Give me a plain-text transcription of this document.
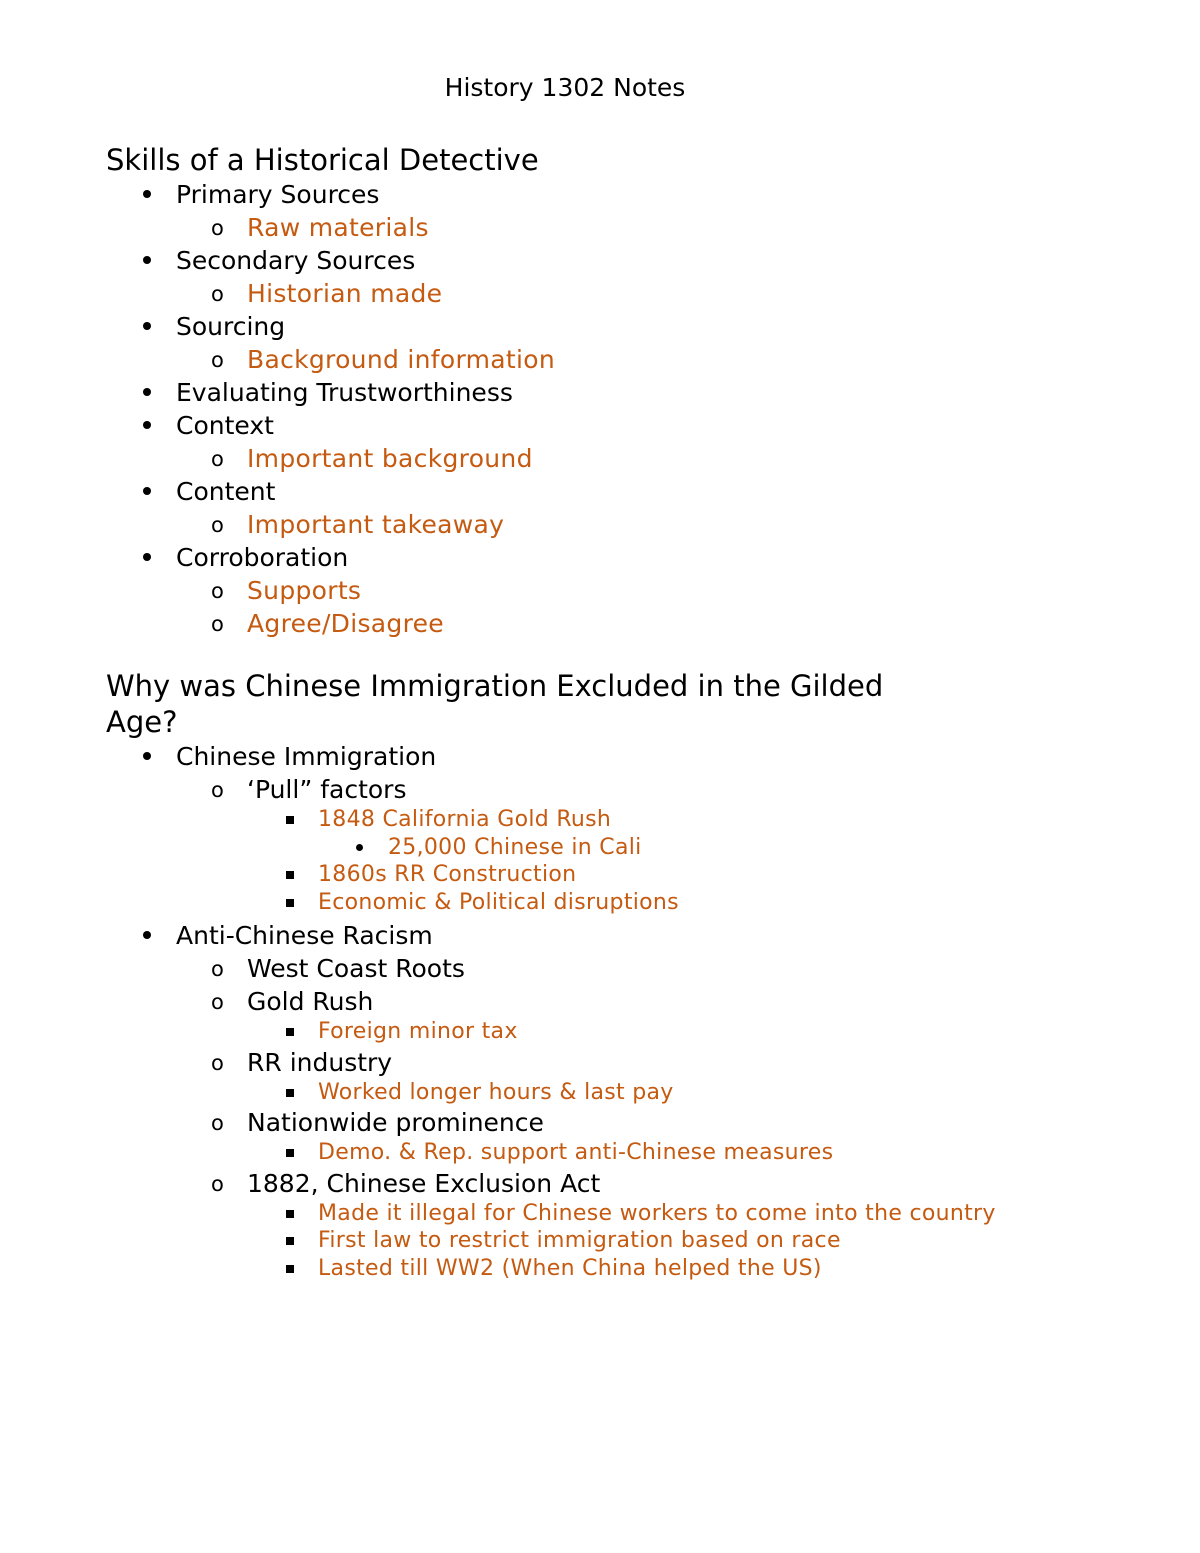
History 1302 Notes
Skills of a Historical Detective
Primary Sources
o Raw materials
Secondary Sources
o Historian made
Sourcing
o Background information
Evaluating Trustworthiness
Context
o Important background
Content
o Important takeaway
Corroboration
o Supports
o Agree/Disagree
Why was Chinese Immigration Excluded in the Gilded
Age?
Chinese Immigration
o ‘Pull” factors
1848 California Gold Rush
25,000 Chinese in Cali
1860s RR Construction
Economic & Political disruptions
Anti-Chinese Racism
o West Coast Roots
o Gold Rush
Foreign minor tax
o RR industry
Worked longer hours & last pay
o Nationwide prominence
Demo. & Rep. support anti-Chinese measures
o 1882, Chinese Exclusion Act
Made it illegal for Chinese workers to come into the country
First law to restrict immigration based on race
Lasted till WW2 (When China helped the US)
